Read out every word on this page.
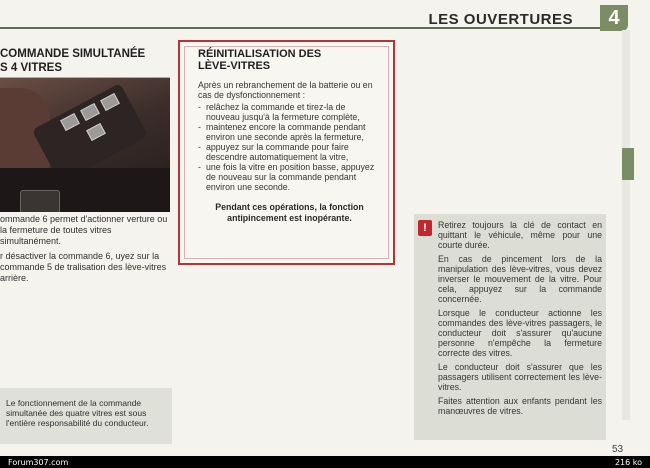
LES OUVERTURES	4
COMMANDE SIMULTANÉE
S 4 VITRES

ommande 6 permet d'actionner verture ou la fermeture de toutes vitres simultanément.

r désactiver la commande 6, uyez sur la commande 5 de tralisation des lève-vitres arrière.

Le fonctionnement de la commande simultanée des quatre vitres est sous l'entière responsabilité du conducteur.
RÉINITIALISATION DES
LÈVE-VITRES
Après un rebranchement de la batterie ou en cas de dysfonctionnement :
- relâchez la commande et tirez-la de nouveau jusqu'à la fermeture complète,
- maintenez encore la commande pendant environ une seconde après la fermeture,
- appuyez sur la commande pour faire descendre automatiquement la vitre,
- une fois la vitre en position basse, appuyez de nouveau sur la commande pendant environ une seconde.
Pendant ces opérations, la fonction antipincement est inopérante.
!	Retirez toujours la clé de contact en quittant le véhicule, même pour une courte durée.

En cas de pincement lors de la manipulation des lève-vitres, vous devez inverser le mouvement de la vitre. Pour cela, appuyez sur la commande concernée.

Lorsque le conducteur actionne les commandes des lève-vitres passagers, le conducteur doit s'assurer qu'aucune personne n'empêche la fermeture correcte des vitres.

Le conducteur doit s'assurer que les passagers utilisent correctement les lève-vitres.

Faites attention aux enfants pendant les manœuvres de vitres.

53
Forum307.com	216 ko
